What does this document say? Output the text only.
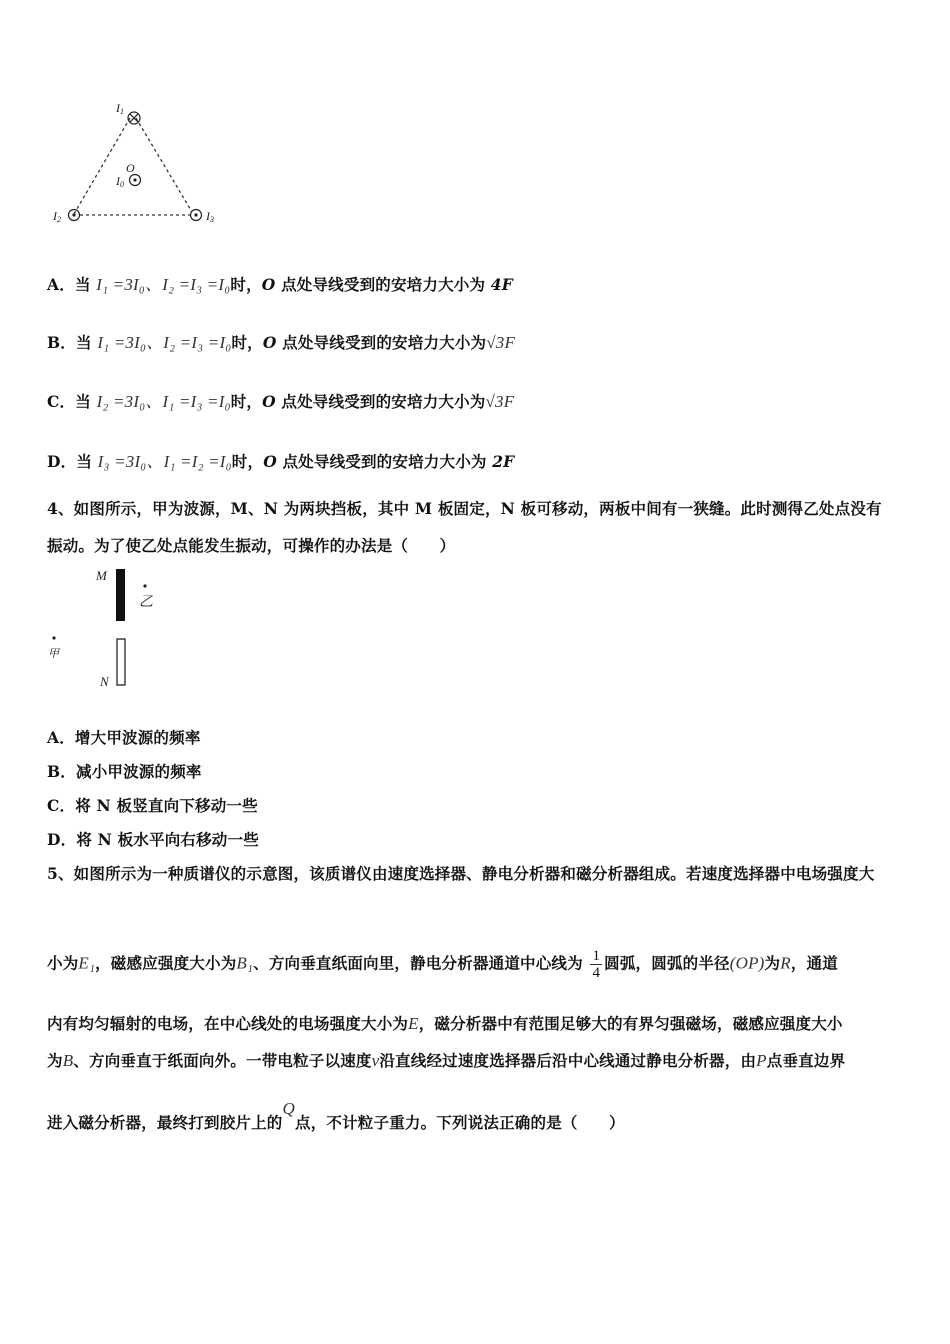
I1
O
I0
I2	I3
A．当 I₁ =3I₀、I₂ =I₃ =I₀时，O 点处导线受到的安培力大小为 4F
B．当 I₁ =3I₀、I₂ =I₃ =I₀时，O 点处导线受到的安培力大小为√3F
C．当 I₂ =3I₀、I₁ =I₃ =I₀时，O 点处导线受到的安培力大小为√3F
D．当 I₃ =3I₀、I₁ =I₂ =I₀时，O 点处导线受到的安培力大小为 2F
4、如图所示，甲为波源，M、N 为两块挡板，其中 M 板固定，N 板可移动，两板中间有一狭缝。此时测得乙处点没有
振动。为了使乙处点能发生振动，可操作的办法是（　　）
M
乙
甲
N
A．增大甲波源的频率
B．减小甲波源的频率
C．将 N 板竖直向下移动一些
D．将 N 板水平向右移动一些
5、如图所示为一种质谱仪的示意图，该质谱仪由速度选择器、静电分析器和磁分析器组成。若速度选择器中电场强度大
小为E₁，磁感应强度大小为B₁、方向垂直纸面向里，静电分析器通道中心线为 $\frac{1}{4}$ 圆弧，圆弧的半径(OP)为R，通道
内有均匀辐射的电场，在中心线处的电场强度大小为E，磁分析器中有范围足够大的有界匀强磁场，磁感应强度大小
为B、方向垂直于纸面向外。一带电粒子以速度v沿直线经过速度选择器后沿中心线通过静电分析器，由P点垂直边界
进入磁分析器，最终打到胶片上的Q点，不计粒子重力。下列说法正确的是（　　）
